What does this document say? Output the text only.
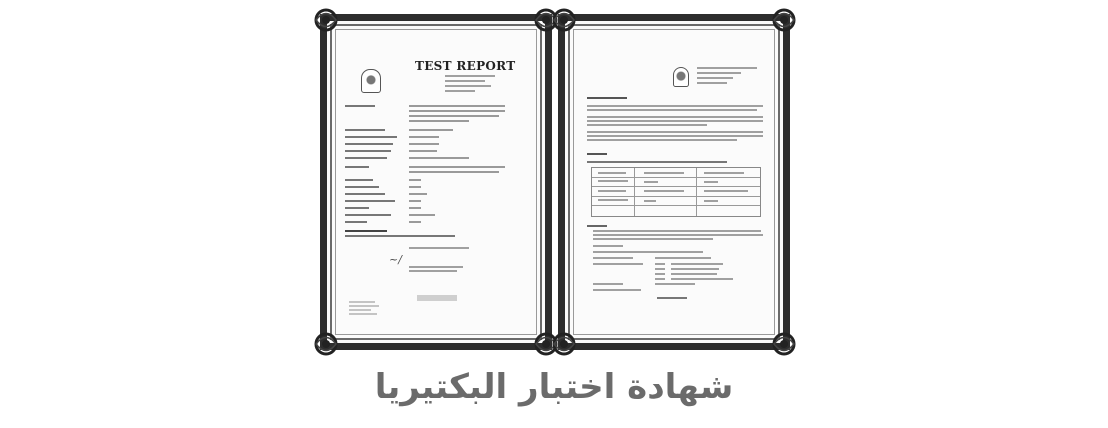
TEST REPORT
~/
شهادة اختبار البكتيريا
